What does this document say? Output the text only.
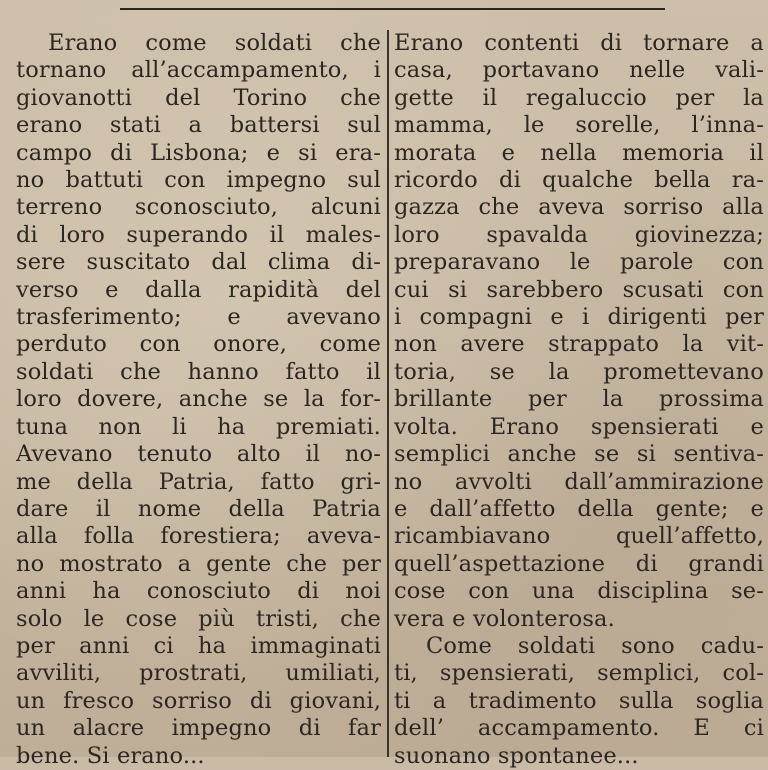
Erano come soldati che
tornano all’accampamento, i
giovanotti del Torino che
erano stati a battersi sul
campo di Lisbona; e si era-
no battuti con impegno sul
terreno sconosciuto, alcuni
di loro superando il males-
sere suscitato dal clima di-
verso e dalla rapidità del
trasferimento; e avevano
perduto con onore, come
soldati che hanno fatto il
loro dovere, anche se la for-
tuna non li ha premiati.
Avevano tenuto alto il no-
me della Patria, fatto gri-
dare il nome della Patria
alla folla forestiera; aveva-
no mostrato a gente che per
anni ha conosciuto di noi
solo le cose più tristi, che
per anni ci ha immaginati
avviliti, prostrati, umiliati,
un fresco sorriso di giovani,
un alacre impegno di far
bene. Si erano...
Erano contenti di tornare a
casa, portavano nelle vali-
gette il regaluccio per la
mamma, le sorelle, l’inna-
morata e nella memoria il
ricordo di qualche bella ra-
gazza che aveva sorriso alla
loro spavalda giovinezza;
preparavano le parole con
cui si sarebbero scusati con
i compagni e i dirigenti per
non avere strappato la vit-
toria, se la promettevano
brillante per la prossima
volta. Erano spensierati e
semplici anche se si sentiva-
no avvolti dall’ammirazione
e dall’affetto della gente; e
ricambiavano quell’affetto,
quell’aspettazione di grandi
cose con una disciplina se-
vera e volonterosa.
Come soldati sono cadu-
ti, spensierati, semplici, col-
ti a tradimento sulla soglia
dell’ accampamento. E ci
suonano spontanee...
